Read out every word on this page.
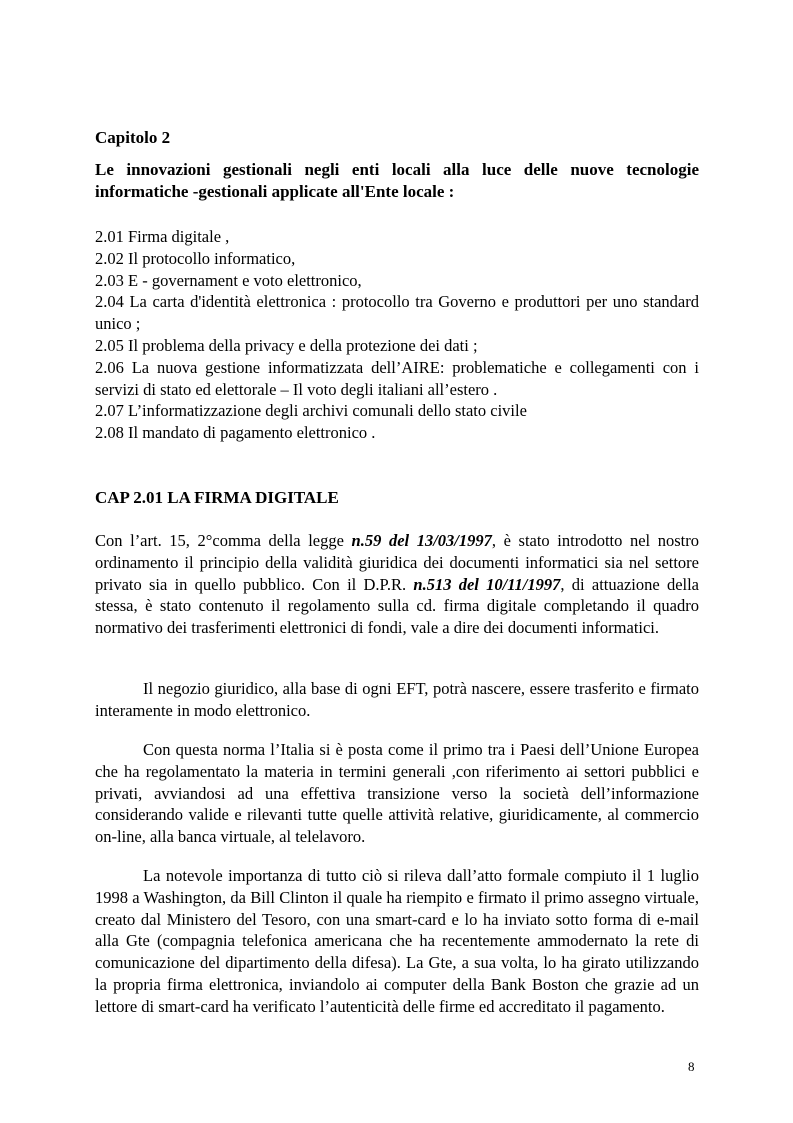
Capitolo 2
Le innovazioni gestionali negli enti locali alla luce delle nuove tecnologie informatiche -gestionali applicate all'Ente locale :
2.01 Firma digitale ,
2.02 Il protocollo informatico,
2.03 E - governament e voto elettronico,
2.04 La carta d'identità elettronica : protocollo tra Governo e produttori per uno standard unico ;
2.05 Il problema della privacy e della protezione dei dati ;
2.06 La nuova gestione informatizzata dell’AIRE: problematiche e collegamenti con i servizi di stato ed elettorale – Il voto degli italiani all’estero .
2.07 L’informatizzazione degli archivi comunali dello stato civile
2.08 Il mandato di pagamento elettronico .
CAP 2.01 LA FIRMA DIGITALE

Con l’art. 15, 2°comma della legge n.59 del 13/03/1997, è stato introdotto nel nostro ordinamento il principio della validità giuridica dei documenti informatici sia nel settore privato sia in quello pubblico. Con il D.P.R. n.513 del 10/11/1997, di attuazione della stessa, è stato contenuto il regolamento sulla cd. firma digitale completando il quadro normativo dei trasferimenti elettronici di fondi, vale a dire dei documenti informatici.

Il negozio giuridico, alla base di ogni EFT, potrà nascere, essere trasferito e firmato interamente in modo elettronico.

Con questa norma l’Italia si è posta come il primo tra i Paesi dell’Unione Europea che ha regolamentato la materia in termini generali ,con riferimento ai settori pubblici e privati, avviandosi ad una effettiva transizione verso la società dell’informazione considerando valide e rilevanti tutte quelle attività relative, giuridicamente, al commercio on-line, alla banca virtuale, al telelavoro.

La notevole importanza di tutto ciò si rileva dall’atto formale compiuto il 1 luglio 1998 a Washington, da Bill Clinton il quale ha riempito e firmato il primo assegno virtuale, creato dal Ministero del Tesoro, con una smart-card e lo ha inviato sotto forma di e-mail alla Gte (compagnia telefonica americana che ha recentemente ammodernato la rete di comunicazione del dipartimento della difesa). La Gte, a sua volta, lo ha girato utilizzando la propria firma elettronica, inviandolo ai computer della Bank Boston che grazie ad un lettore di smart-card ha verificato l’autenticità delle firme ed accreditato il pagamento.

8
